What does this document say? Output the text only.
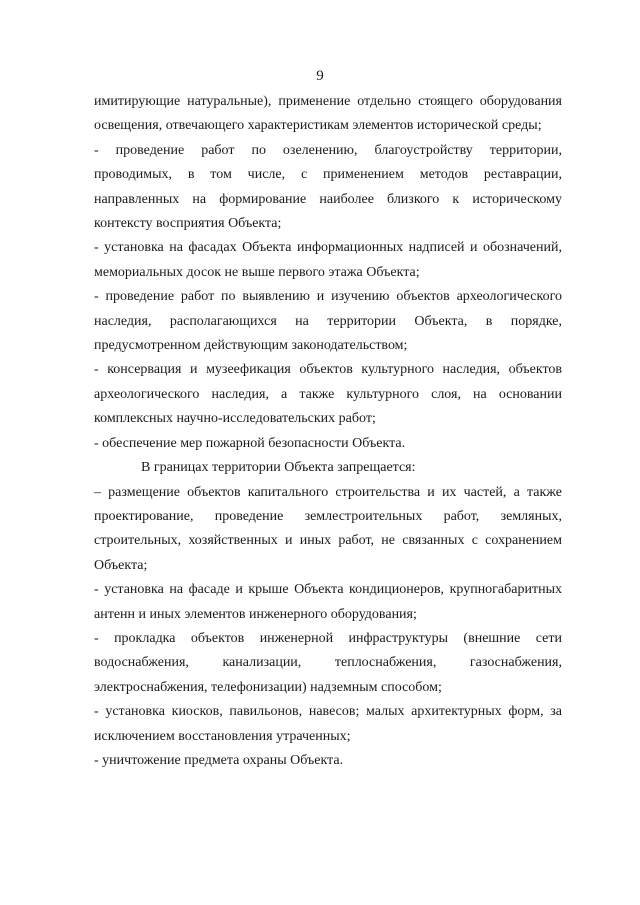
9

имитирующие натуральные), применение отдельно стоящего оборудования освещения, отвечающего характеристикам элементов исторической среды;

- проведение работ по озеленению, благоустройству территории, проводимых, в том числе, с применением методов реставрации, направленных на формирование наиболее близкого к историческому контексту восприятия Объекта;

- установка на фасадах Объекта информационных надписей и обозначений, мемориальных досок не выше первого этажа Объекта;

- проведение работ по выявлению и изучению объектов археологического наследия, располагающихся на территории Объекта, в порядке, предусмотренном действующим законодательством;

- консервация и музеефикация объектов культурного наследия, объектов археологического наследия, а также культурного слоя, на основании комплексных научно-исследовательских работ;

- обеспечение мер пожарной безопасности Объекта.

В границах территории Объекта запрещается:

– размещение объектов капитального строительства и их частей, а также проектирование, проведение землестроительных работ, земляных, строительных, хозяйственных и иных работ, не связанных с сохранением Объекта;

- установка на фасаде и крыше Объекта кондиционеров, крупногабаритных антенн и иных элементов инженерного оборудования;

- прокладка объектов инженерной инфраструктуры (внешние сети водоснабжения, канализации, теплоснабжения, газоснабжения, электроснабжения, телефонизации) надземным способом;

- установка киосков, павильонов, навесов; малых архитектурных форм, за исключением восстановления утраченных;

- уничтожение предмета охраны Объекта.
